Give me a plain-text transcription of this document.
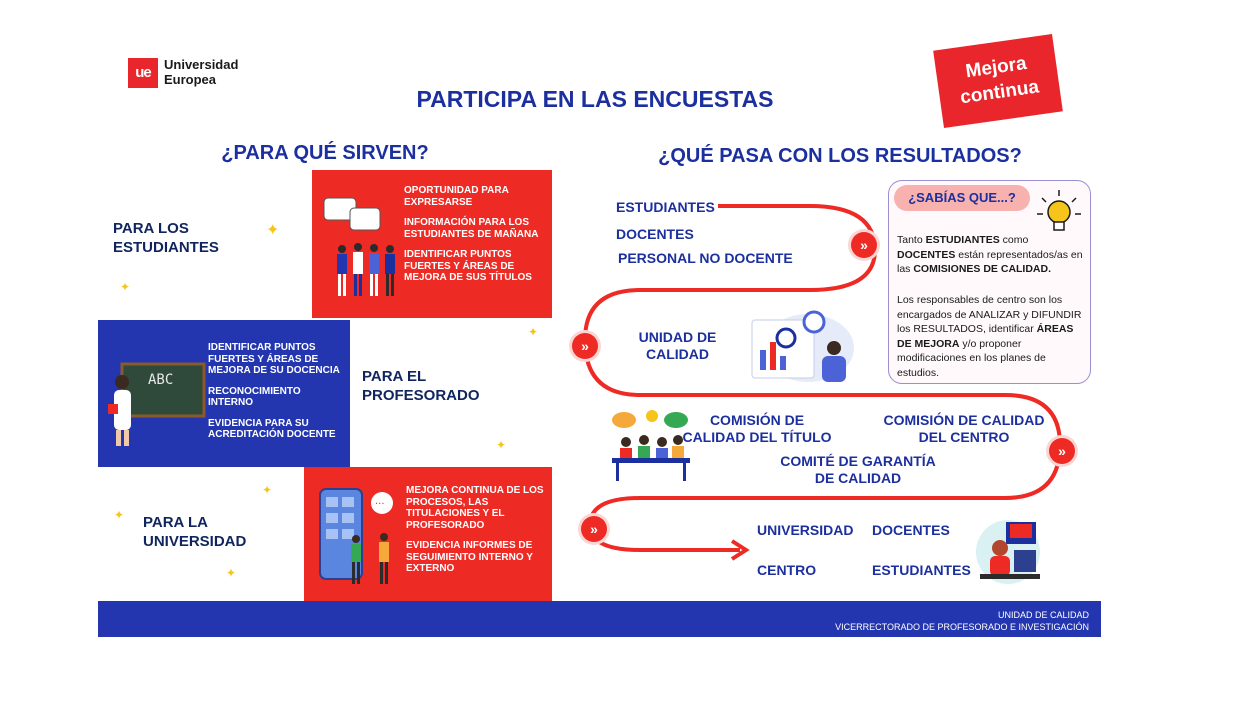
ue	Universidad
Europea
PARTICIPA EN LAS ENCUESTAS
Mejora
continua
¿PARA QUÉ SIRVEN?	¿QUÉ PASA CON LOS RESULTADOS?
PARA LOS
ESTUDIANTES
✦
✦

OPORTUNIDAD PARA EXPRESARSE

INFORMACIÓN PARA LOS ESTUDIANTES DE MAÑANA

IDENTIFICAR PUNTOS FUERTES Y ÁREAS DE MEJORA DE SUS TÍTULOS

ABC

IDENTIFICAR PUNTOS FUERTES Y ÁREAS DE MEJORA DE SU DOCENCIA

RECONOCIMIENTO INTERNO

EVIDENCIA PARA SU ACREDITACIÓN DOCENTE

PARA EL
PROFESORADO
✦
✦
✦
✦
✦
PARA LA
UNIVERSIDAD
···

MEJORA CONTINUA DE LOS PROCESOS, LAS TITULACIONES Y EL PROFESORADO

EVIDENCIA INFORMES DE SEGUIMIENTO INTERNO Y EXTERNO

»
»
»
»
ESTUDIANTES
DOCENTES
PERSONAL NO DOCENTE
UNIDAD DE
CALIDAD
COMISIÓN DE
CALIDAD DEL TÍTULO
COMISIÓN DE CALIDAD
DEL CENTRO
COMITÉ DE GARANTÍA
DE CALIDAD
UNIVERSIDAD DOCENTES
CENTRO	ESTUDIANTES
¿SABÍAS QUE...?
Tanto ESTUDIANTES como DOCENTES están representados/as en las COMISIONES DE CALIDAD.
Los responsables de centro son los encargados de ANALIZAR y DIFUNDIR los RESULTADOS, identificar ÁREAS DE MEJORA y/o proponer modificaciones en los planes de estudios.
UNIDAD DE CALIDAD
VICERRECTORADO DE PROFESORADO E INVESTIGACIÓN
